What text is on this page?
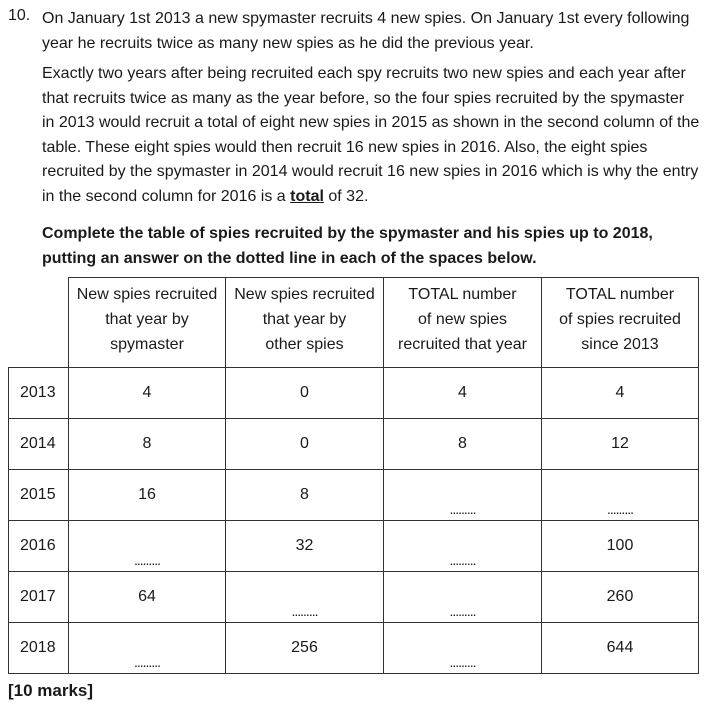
10. On January 1st 2013 a new spymaster recruits 4 new spies. On January 1st every following
year he recruits twice as many new spies as he did the previous year.

Exactly two years after being recruited each spy recruits two new spies and each year after
that recruits twice as many as the year before, so the four spies recruited by the spymaster
in 2013 would recruit a total of eight new spies in 2015 as shown in the second column of the
table. These eight spies would then recruit 16 new spies in 2016. Also, the eight spies
recruited by the spymaster in 2014 would recruit 16 new spies in 2016 which is why the entry
in the second column for 2016 is a total of 32.

Complete the table of spies recruited by the spymaster and his spies up to 2018,
putting an answer on the dotted line in each of the spaces below.

	New spies recruited
that year by
spymaster	New spies recruited
that year by
other spies	TOTAL number
of new spies
recruited that year	TOTAL number
of spies recruited
since 2013
2013	4	0	4	4
2014	8	0	8	12
2015	16	8	.........	.........

2016	.........	32	.........	100
2017	64	.........	.........	260
2018	.........	256	.........	644
[10 marks]
